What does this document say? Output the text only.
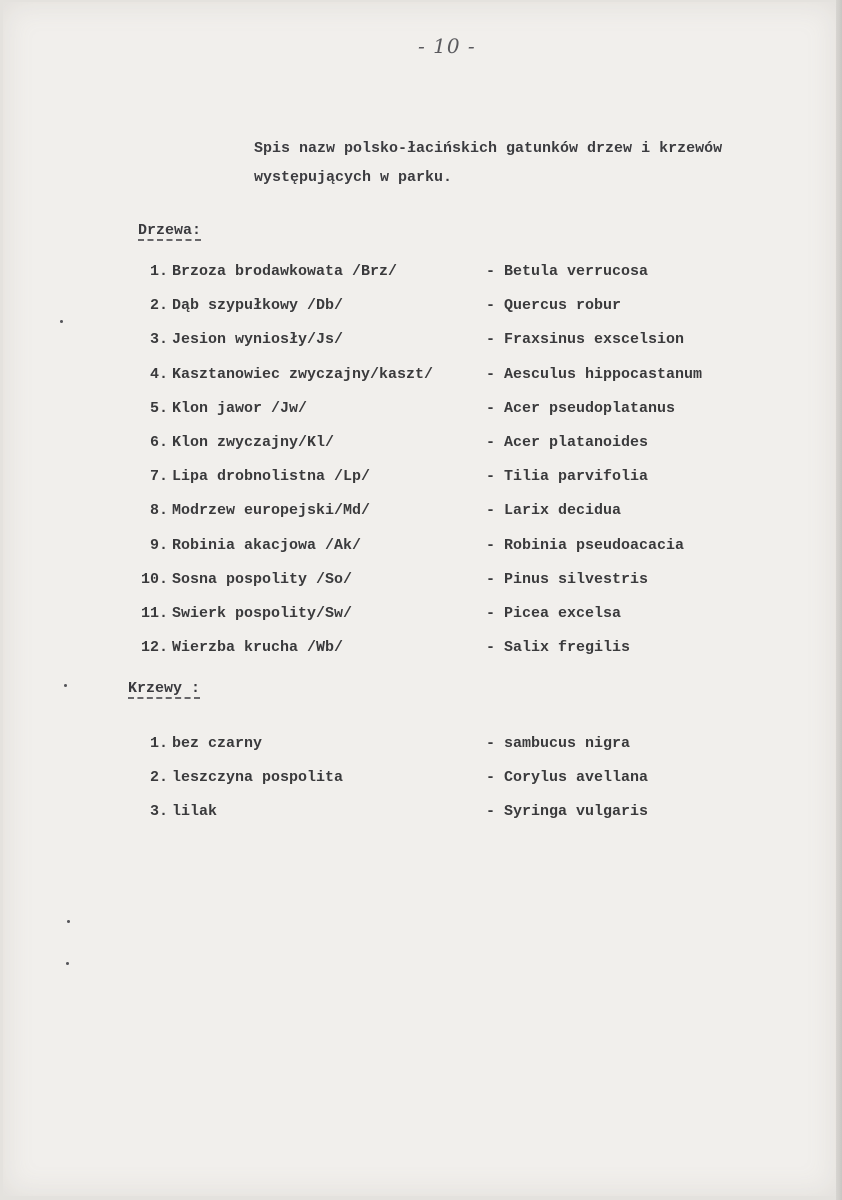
- 10 -
Spis nazw polsko-łacińskich gatunków drzew i krzewów występujących w parku.
Drzewa:
1. Brzoza brodawkowata /Brz/	- Betula verrucosa
2. Dąb szypułkowy /Db/	- Quercus robur
3. Jesion wyniosły/Js/	- Fraxsinus exscelsion
4. Kasztanowiec zwyczajny/kaszt/	- Aesculus hippocastanum
5. Klon jawor /Jw/	- Acer pseudoplatanus
6. Klon zwyczajny/Kl/	- Acer platanoides
7. Lipa drobnolistna /Lp/	- Tilia parvifolia
8. Modrzew europejski/Md/	- Larix decidua
9. Robinia akacjowa /Ak/	- Robinia pseudoacacia
10. Sosna pospolity /So/	- Pinus silvestris
11. Swierk pospolity/Sw/	- Picea excelsa
12. Wierzba krucha /Wb/	- Salix fregilis
Krzewy :
1. bez czarny	- sambucus nigra
2. leszczyna pospolita	- Corylus avellana
3. lilak	- Syringa vulgaris
